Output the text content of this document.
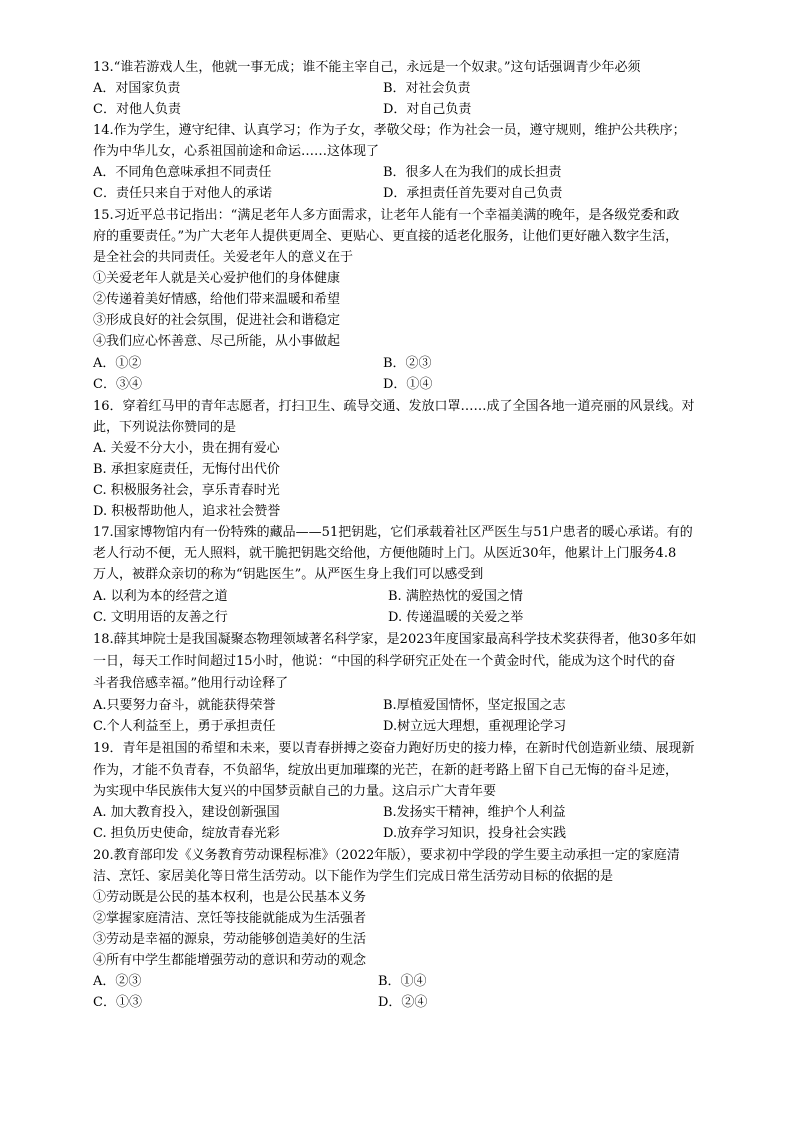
13.“谁若游戏人生，他就一事无成；谁不能主宰自己，永远是一个奴隶。”这句话强调青少年必须
A．对国家负责	B．对社会负责
C．对他人负责	D．对自己负责
14.作为学生，遵守纪律、认真学习；作为子女，孝敬父母；作为社会一员，遵守规则，维护公共秩序；
作为中华儿女，心系祖国前途和命运……这体现了
A．不同角色意味承担不同责任	B．很多人在为我们的成长担责
C．责任只来自于对他人的承诺	D．承担责任首先要对自己负责
15.习近平总书记指出：“满足老年人多方面需求，让老年人能有一个幸福美满的晚年，是各级党委和政
府的重要责任。”为广大老年人提供更周全、更贴心、更直接的适老化服务，让他们更好融入数字生活，
是全社会的共同责任。关爱老年人的意义在于
①关爱老年人就是关心爱护他们的身体健康
②传递着美好情感，给他们带来温暖和希望
③形成良好的社会氛围，促进社会和谐稳定
④我们应心怀善意、尽己所能，从小事做起
A．①②	B．②③
C．③④	D．①④
16．穿着红马甲的青年志愿者，打扫卫生、疏导交通、发放口罩……成了全国各地一道亮丽的风景线。对
此，下列说法你赞同的是
A. 关爱不分大小，贵在拥有爱心
B. 承担家庭责任，无悔付出代价
C. 积极服务社会，享乐青春时光
D. 积极帮助他人，追求社会赞誉
17.国家博物馆内有一份特殊的藏品——51把钥匙，它们承载着社区严医生与51户患者的暖心承诺。有的
老人行动不便，无人照料，就干脆把钥匙交给他，方便他随时上门。从医近30年，他累计上门服务4.8
万人，被群众亲切的称为“钥匙医生”。从严医生身上我们可以感受到
A. 以利为本的经营之道	B. 满腔热忱的爱国之情
C. 文明用语的友善之行	D. 传递温暖的关爱之举
18.薛其坤院士是我国凝聚态物理领域著名科学家，是2023年度国家最高科学技术奖获得者，他30多年如
一日，每天工作时间超过15小时，他说：“中国的科学研究正处在一个黄金时代，能成为这个时代的奋
斗者我倍感幸福。”他用行动诠释了
A.只要努力奋斗，就能获得荣誉	B.厚植爱国情怀，坚定报国之志
C.个人利益至上，勇于承担责任	D.树立远大理想，重视理论学习
19．青年是祖国的希望和未来，要以青春拼搏之姿奋力跑好历史的接力棒，在新时代创造新业绩、展现新
作为，才能不负青春，不负韶华，绽放出更加璀璨的光芒，在新的赶考路上留下自己无悔的奋斗足迹，
为实现中华民族伟大复兴的中国梦贡献自己的力量。这启示广大青年要
A. 加大教育投入，建设创新强国	B.发扬实干精神，维护个人利益
C. 担负历史使命，绽放青春光彩	D.放弃学习知识，投身社会实践
20.教育部印发《义务教育劳动课程标准》（2022年版），要求初中学段的学生要主动承担一定的家庭清
洁、烹饪、家居美化等日常生活劳动。以下能作为学生们完成日常生活劳动目标的依据的是
①劳动既是公民的基本权利，也是公民基本义务
②掌握家庭清洁、烹饪等技能就能成为生活强者
③劳动是幸福的源泉，劳动能够创造美好的生活
④所有中学生都能增强劳动的意识和劳动的观念
A．②③	B．①④
C．①③	D．②④
